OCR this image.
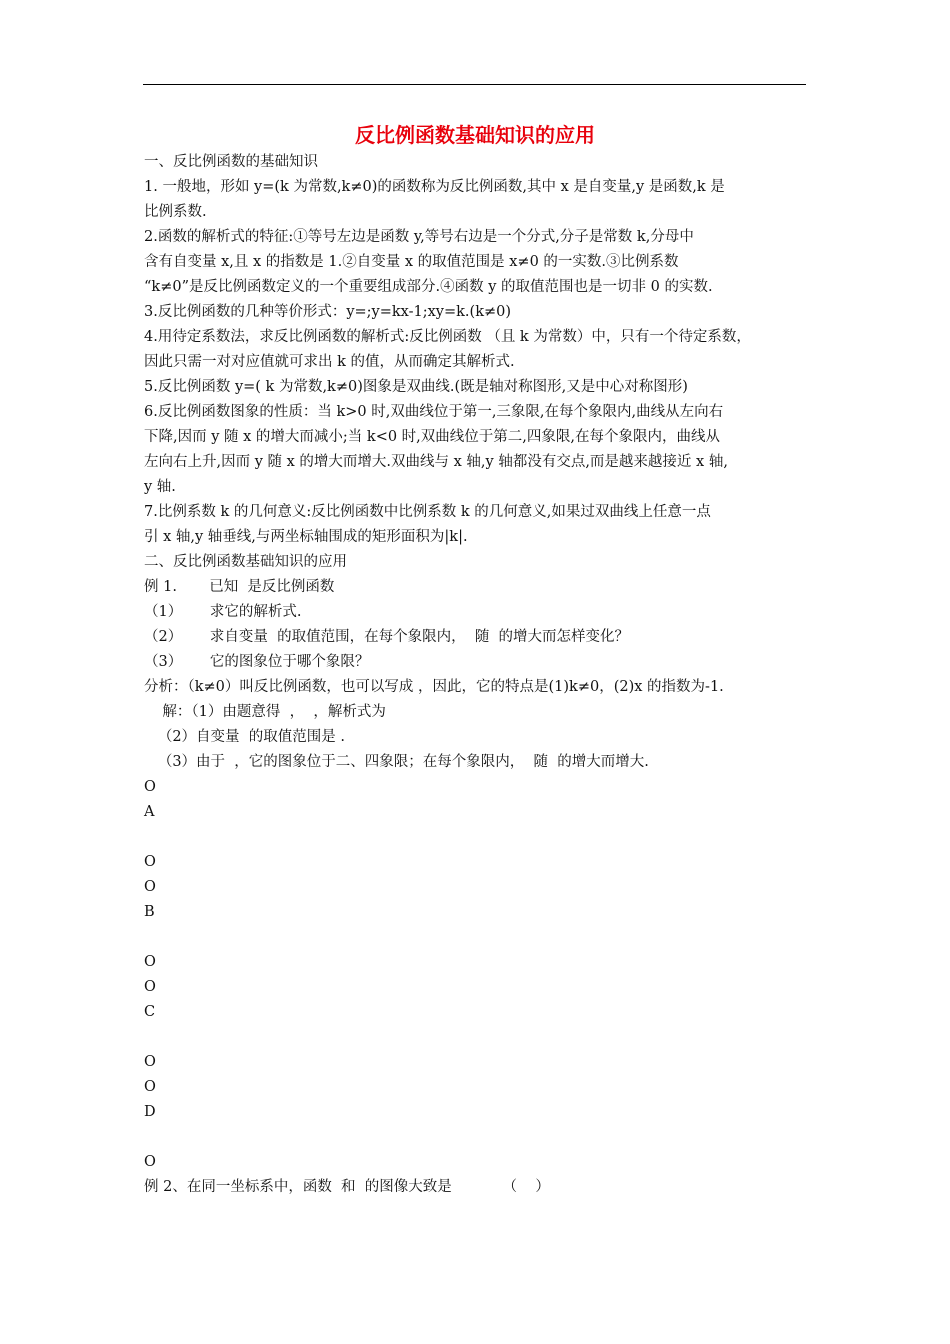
反比例函数基础知识的应用
一、反比例函数的基础知识
1. 一般地，形如 y=(k 为常数,k≠0)的函数称为反比例函数,其中 x 是自变量,y 是函数,k 是
比例系数.
2.函数的解析式的特征:①等号左边是函数 y,等号右边是一个分式,分子是常数 k,分母中
含有自变量 x,且 x 的指数是 1.②自变量 x 的取值范围是 x≠0 的一实数.③比例系数
“k≠0”是反比例函数定义的一个重要组成部分.④函数 y 的取值范围也是一切非 0 的实数.
3.反比例函数的几种等价形式：y=;y=kx-1;xy=k.(k≠0)
4.用待定系数法，求反比例函数的解析式:反比例函数 （且 k 为常数）中，只有一个待定系数，
因此只需一对对应值就可求出 k 的值，从而确定其解析式.
5.反比例函数 y=( k 为常数,k≠0)图象是双曲线.(既是轴对称图形,又是中心对称图形)
6.反比例函数图象的性质：当 k>0 时,双曲线位于第一,三象限,在每个象限内,曲线从左向右
下降,因而 y 随 x 的增大而减小;当 k<0 时,双曲线位于第二,四象限,在每个象限内，曲线从
左向右上升,因而 y 随 x 的增大而增大.双曲线与 x 轴,y 轴都没有交点,而是越来越接近 x 轴,
y 轴.
7.比例系数 k 的几何意义:反比例函数中比例系数 k 的几何意义,如果过双曲线上任意一点
引 x 轴,y 轴垂线,与两坐标轴围成的矩形面积为|k|.
二、反比例函数基础知识的应用
例 1.       已知  是反比例函数
（1）      求它的解析式.
（2）      求自变量  的取值范围，在每个象限内，  随  的增大而怎样变化？
（3）      它的图象位于哪个象限？
分析：（k≠0）叫反比例函数，也可以写成 ，因此，它的特点是(1)k≠0，(2)x 的指数为-1.
解：（1）由题意得  ，  ，解析式为
（2）自变量  的取值范围是 .
（3）由于  ，它的图象位于二、四象限；在每个象限内，  随  的增大而增大.
O
A
O
O
B
O
O
C
O
O
D
O
例 2、在同一坐标系中，函数  和  的图像大致是           （    ）
